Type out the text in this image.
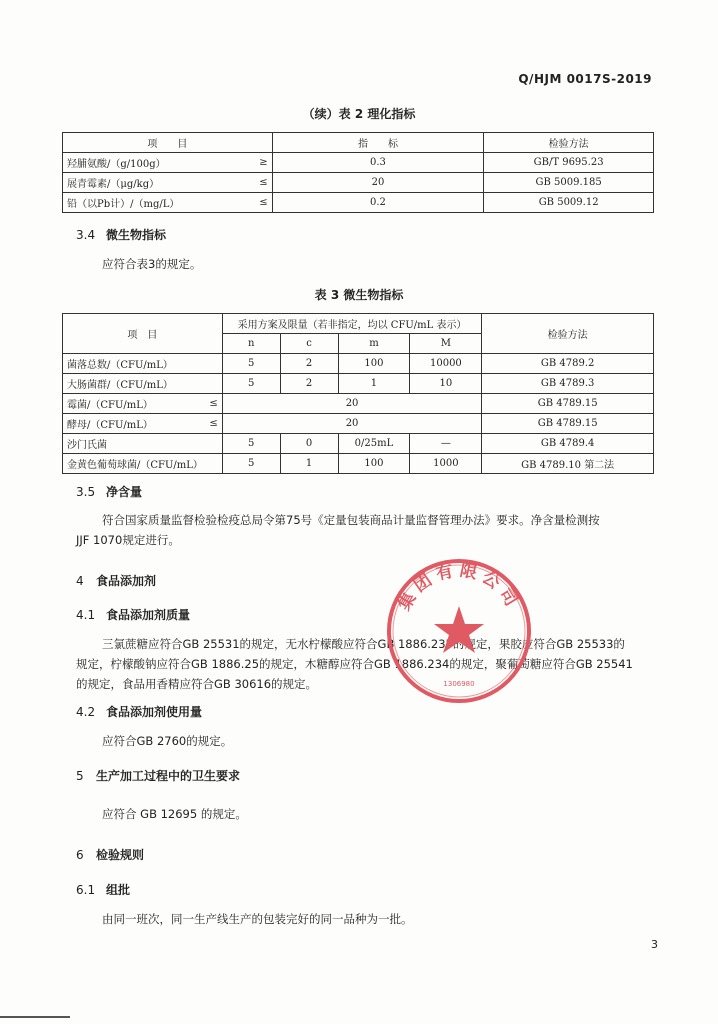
Q/HJM 0017S-2019
（续）表 2 理化指标
项　　目	指　　标	检验方法

羟脯氨酸/（g/100g） ≥	0.3	GB/T 9695.23

展青霉素/（μg/kg） ≤	20	GB 5009.185

铅（以Pb计）/（mg/L） ≤	0.2	GB 5009.12
3.4 微生物指标
应符合表3的规定。
表 3 微生物指标
项　目	采用方案及限量（若非指定，均以 CFU/mL 表示）				检验方法
	n	c	m	M	
菌落总数/（CFU/mL）	5	2	100	10000	GB 4789.2
大肠菌群/（CFU/mL）	5	2	1	10	GB 4789.3

霉菌/（CFU/mL） ≤	20				GB 4789.15

酵母/（CFU/mL） ≤	20				GB 4789.15
沙门氏菌	5	0	0/25mL	—	GB 4789.4
金黄色葡萄球菌/（CFU/mL）	5	1	100	1000	GB 4789.10 第二法
3.5 净含量
符合国家质量监督检验检疫总局令第75号《定量包装商品计量监督管理办法》要求。净含量检测按
JJF 1070规定进行。
4 食品添加剂
4.1 食品添加剂质量
三氯蔗糖应符合GB 25531的规定，无水柠檬酸应符合GB 1886.235的规定，果胶应符合GB 25533的
规定，柠檬酸钠应符合GB 1886.25的规定，木糖醇应符合GB 1886.234的规定，聚葡萄糖应符合GB 25541
的规定，食品用香精应符合GB 30616的规定。
4.2 食品添加剂使用量
应符合GB 2760的规定。
5 生产加工过程中的卫生要求
应符合 GB 12695 的规定。
6 检验规则
6.1 组批
由同一班次，同一生产线生产的包装完好的同一品种为一批。
3
集团有限公司
1306980
